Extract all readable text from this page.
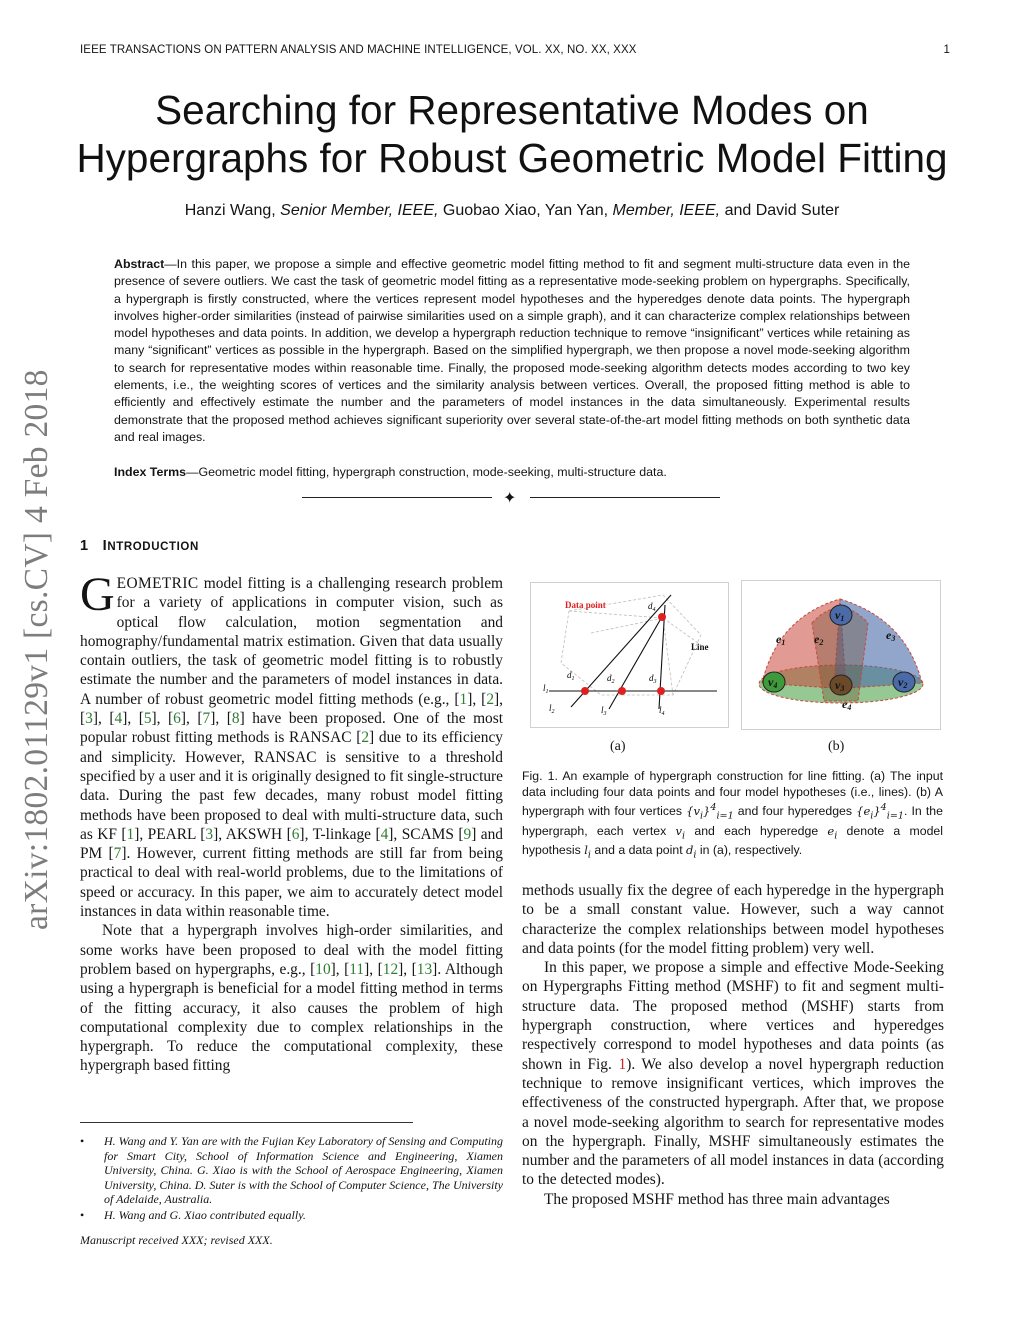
IEEE TRANSACTIONS ON PATTERN ANALYSIS AND MACHINE INTELLIGENCE, VOL. XX, NO. XX, XXX	1
Searching for Representative Modes on
Hypergraphs for Robust Geometric Model Fitting
Hanzi Wang, Senior Member, IEEE, Guobao Xiao, Yan Yan, Member, IEEE, and David Suter
Abstract—In this paper, we propose a simple and effective geometric model fitting method to fit and segment multi-structure data even in the presence of severe outliers. We cast the task of geometric model fitting as a representative mode-seeking problem on hypergraphs. Specifically, a hypergraph is firstly constructed, where the vertices represent model hypotheses and the hyperedges denote data points. The hypergraph involves higher-order similarities (instead of pairwise similarities used on a simple graph), and it can characterize complex relationships between model hypotheses and data points. In addition, we develop a hypergraph reduction technique to remove “insignificant” vertices while retaining as many “significant” vertices as possible in the hypergraph. Based on the simplified hypergraph, we then propose a novel mode-seeking algorithm to search for representative modes within reasonable time. Finally, the proposed mode-seeking algorithm detects modes according to two key elements, i.e., the weighting scores of vertices and the similarity analysis between vertices. Overall, the proposed fitting method is able to efficiently and effectively estimate the number and the parameters of model instances in the data simultaneously. Experimental results demonstrate that the proposed method achieves significant superiority over several state-of-the-art model fitting methods on both synthetic data and real images.
Index Terms—Geometric model fitting, hypergraph construction, mode-seeking, multi-structure data.
✦
arXiv:1802.01129v1 [cs.CV] 4 Feb 2018 1 INTRODUCTION

GEOMETRIC model fitting is a challenging research problem for a variety of applications in computer vision, such as optical flow calculation, motion segmentation and homography/fundamental matrix estimation. Given that data usually contain outliers, the task of geometric model fitting is to robustly estimate the number and the parameters of model instances in data. A number of robust geometric model fitting methods (e.g., [1], [2], [3], [4], [5], [6], [7], [8] have been proposed. One of the most popular robust fitting methods is RANSAC [2] due to its efficiency and simplicity. However, RANSAC is sensitive to a threshold specified by a user and it is originally designed to fit single-structure data. During the past few decades, many robust model fitting methods have been proposed to deal with multi-structure data, such as KF [1], PEARL [3], AKSWH [6], T-linkage [4], SCAMS [9] and PM [7]. However, current fitting methods are still far from being practical to deal with real-world problems, due to the limitations of speed or accuracy. In this paper, we aim to accurately detect model instances in data within reasonable time.

Note that a hypergraph involves high-order similarities, and some works have been proposed to deal with the model fitting problem based on hypergraphs, e.g., [10], [11], [12], [13]. Although using a hypergraph is beneficial for a model fitting method in terms of the fitting accuracy, it also causes the problem of high computational complexity due to complex relationships in the hypergraph. To reduce the computational complexity, these hypergraph based fitting

• H. Wang and Y. Yan are with the Fujian Key Laboratory of Sensing and Computing for Smart City, School of Information Science and Engineering, Xiamen University, China. G. Xiao is with the School of Aerospace Engineering, Xiamen University, China. D. Suter is with the School of Computer Science, The University of Adelaide, Australia.
• H. Wang and G. Xiao contributed equally.
Manuscript received XXX; revised XXX.
Data point
Line
$d_1$	$d_2$	$d_3$
$d_4$
$l_1$
$l_2$	$l_3$	$l_4$
v1
v2
v3
v4
e1 e2
e3
e4
(a)	(b)
Fig. 1. An example of hypergraph construction for line fitting. (a) The input data including four data points and four model hypotheses (i.e., lines). (b) A hypergraph with four vertices $\{v_i\}^4_{i=1}$ and four hyperedges $\{e_i\}^4_{i=1}$. In the hypergraph, each vertex $v_i$ and each hyperedge $e_i$ denote a model hypothesis $l_i$ and a data point $d_i$ in (a), respectively.

methods usually fix the degree of each hyperedge in the hypergraph to be a small constant value. However, such a way cannot characterize the complex relationships between model hypotheses and data points (for the model fitting problem) very well.

In this paper, we propose a simple and effective Mode-Seeking on Hypergraphs Fitting method (MSHF) to fit and segment multi-structure data. The proposed method (MSHF) starts from hypergraph construction, where vertices and hyperedges respectively correspond to model hypotheses and data points (as shown in Fig. 1). We also develop a novel hypergraph reduction technique to remove insignificant vertices, which improves the effectiveness of the constructed hypergraph. After that, we propose a novel mode-seeking algorithm to search for representative modes on the hypergraph. Finally, MSHF simultaneously estimates the number and the parameters of all model instances in data (according to the detected modes).

The proposed MSHF method has three main advantages
